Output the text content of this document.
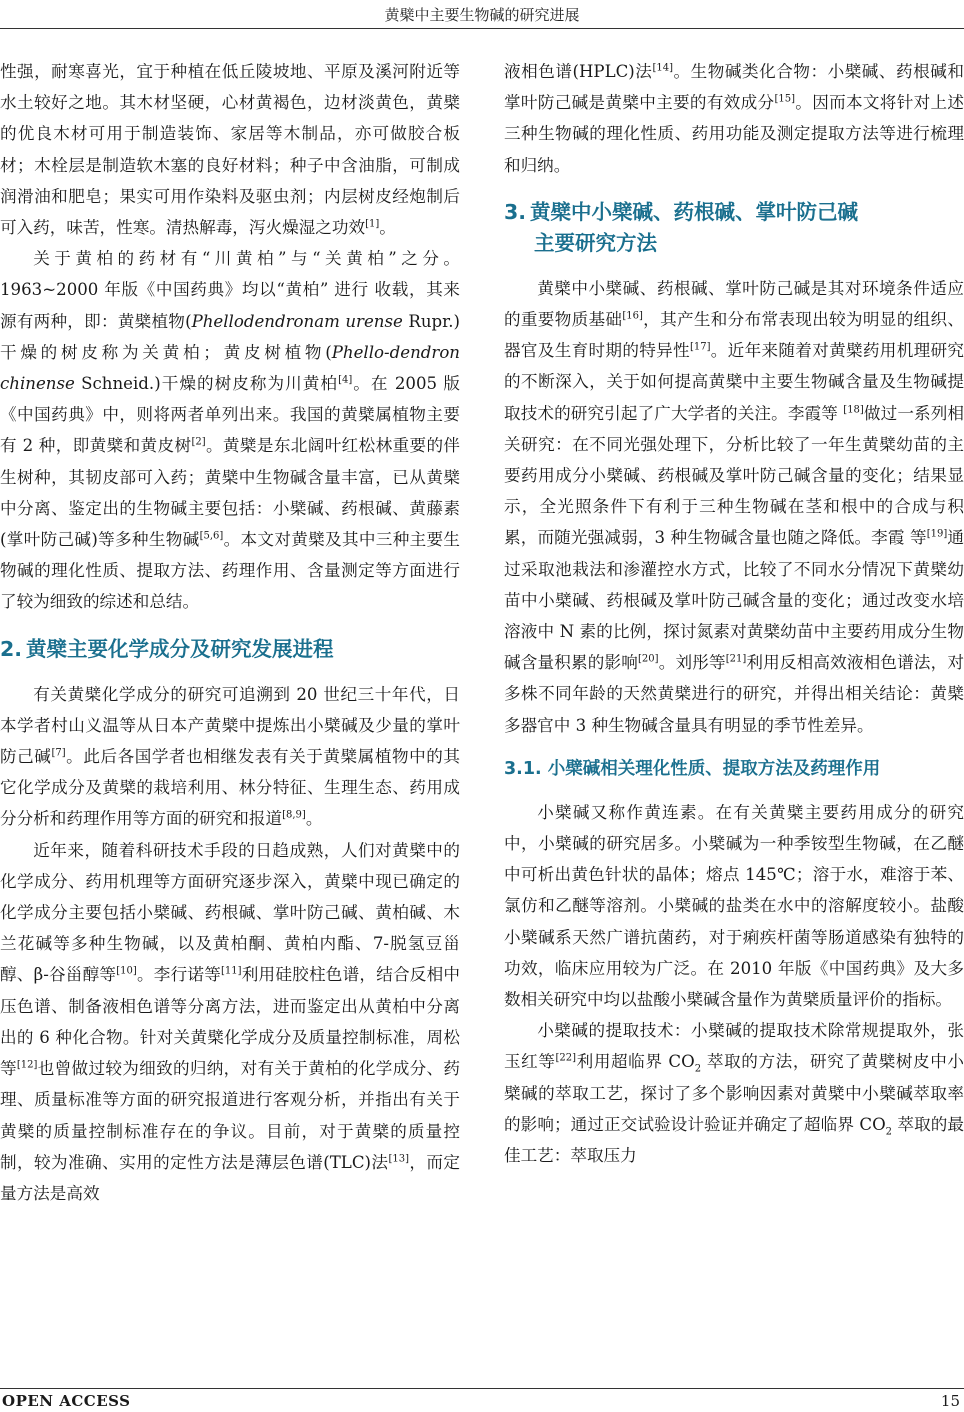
黄檗中主要生物碱的研究进展

性强，耐寒喜光，宜于种植在低丘陵坡地、平原及溪河附近等水土较好之地。其木材坚硬，心材黄褐色，边材淡黄色，黄檗的优良木材可用于制造装饰、家居等木制品，亦可做胶合板材；木栓层是制造软木塞的良好材料；种子中含油脂，可制成润滑油和肥皂；果实可用作染料及驱虫剂；内层树皮经炮制后可入药，味苦，性寒。清热解毒，泻火燥湿之功效[1]。

关于黄柏的药材有“川黄柏”与“关黄柏”之分。1963~2000 年版《中国药典》均以“黄柏” 进行 收载，其来源有两种，即：黄檗植物(Phellodendronam urense Rupr.)干燥的树皮称为关黄柏；黄皮树植物(Phello-dendron chinense Schneid.)干燥的树皮称为川黄柏[4]。在 2005 版《中国药典》中，则将两者单列出来。我国的黄檗属植物主要有 2 种，即黄檗和黄皮树[2]。黄檗是东北阔叶红松林重要的伴生树种，其韧皮部可入药；黄檗中生物碱含量丰富，已从黄檗中分离、鉴定出的生物碱主要包括：小檗碱、药根碱、黄藤素(掌叶防己碱)等多种生物碱[5,6]。本文对黄檗及其中三种主要生物碱的理化性质、提取方法、药理作用、含量测定等方面进行了较为细致的综述和总结。

2. 黄檗主要化学成分及研究发展进程

有关黄檗化学成分的研究可追溯到 20 世纪三十年代，日本学者村山义温等从日本产黄檗中提炼出小檗碱及少量的掌叶防己碱[7]。此后各国学者也相继发表有关于黄檗属植物中的其它化学成分及黄檗的栽培利用、林分特征、生理生态、药用成分分析和药理作用等方面的研究和报道[8,9]。

近年来，随着科研技术手段的日趋成熟，人们对黄檗中的化学成分、药用机理等方面研究逐步深入，黄檗中现已确定的化学成分主要包括小檗碱、药根碱、掌叶防己碱、黄柏碱、木兰花碱等多种生物碱，以及黄柏酮、黄柏内酯、7-脱氢豆甾醇、β-谷甾醇等[10]。李行诺等[11]利用硅胶柱色谱，结合反相中压色谱、制备液相色谱等分离方法，进而鉴定出从黄柏中分离出的 6 种化合物。针对关黄檗化学成分及质量控制标准，周松等[12]也曾做过较为细致的归纳，对有关于黄柏的化学成分、药理、质量标准等方面的研究报道进行客观分析，并指出有关于黄檗的质量控制标准存在的争议。目前，对于黄檗的质量控制，较为准确、实用的定性方法是薄层色谱(TLC)法[13]，而定量方法是高效

液相色谱(HPLC)法[14]。生物碱类化合物：小檗碱、药根碱和掌叶防己碱是黄檗中主要的有效成分[15]。因而本文将针对上述三种生物碱的理化性质、药用功能及测定提取方法等进行梳理和归纳。

3. 黄檗中小檗碱、药根碱、掌叶防己碱
主要研究方法

黄檗中小檗碱、药根碱、掌叶防己碱是其对环境条件适应的重要物质基础[16]，其产生和分布常表现出较为明显的组织、器官及生育时期的特异性[17]。近年来随着对黄檗药用机理研究的不断深入，关于如何提高黄檗中主要生物碱含量及生物碱提取技术的研究引起了广大学者的关注。李霞等 [18]做过一系列相关研究：在不同光强处理下，分析比较了一年生黄檗幼苗的主要药用成分小檗碱、药根碱及掌叶防己碱含量的变化；结果显示，全光照条件下有利于三种生物碱在茎和根中的合成与积累，而随光强减弱，3 种生物碱含量也随之降低。李霞 等[19]通过采取池栽法和渗灌控水方式，比较了不同水分情况下黄檗幼苗中小檗碱、药根碱及掌叶防己碱含量的变化；通过改变水培溶液中 N 素的比例，探讨氮素对黄檗幼苗中主要药用成分生物碱含量积累的影响[20]。刘彤等[21]利用反相高效液相色谱法，对多株不同年龄的天然黄檗进行的研究，并得出相关结论：黄檗多器官中 3 种生物碱含量具有明显的季节性差异。

3.1. 小檗碱相关理化性质、提取方法及药理作用

小檗碱又称作黄连素。在有关黄檗主要药用成分的研究中，小檗碱的研究居多。小檗碱为一种季铵型生物碱，在乙醚中可析出黄色针状的晶体；熔点 145℃；溶于水，难溶于苯、氯仿和乙醚等溶剂。小檗碱的盐类在水中的溶解度较小。盐酸小檗碱系天然广谱抗菌药，对于痢疾杆菌等肠道感染有独特的功效，临床应用较为广泛。在 2010 年版《中国药典》及大多数相关研究中均以盐酸小檗碱含量作为黄檗质量评价的指标。

小檗碱的提取技术：小檗碱的提取技术除常规提取外，张玉红等[22]利用超临界 $CO_2$ 萃取的方法，研究了黄檗树皮中小檗碱的萃取工艺，探讨了多个影响因素对黄檗中小檗碱萃取率的影响；通过正交试验设计验证并确定了超临界 $CO_2$ 萃取的最佳工艺：萃取压力

OPEN ACCESS	15
